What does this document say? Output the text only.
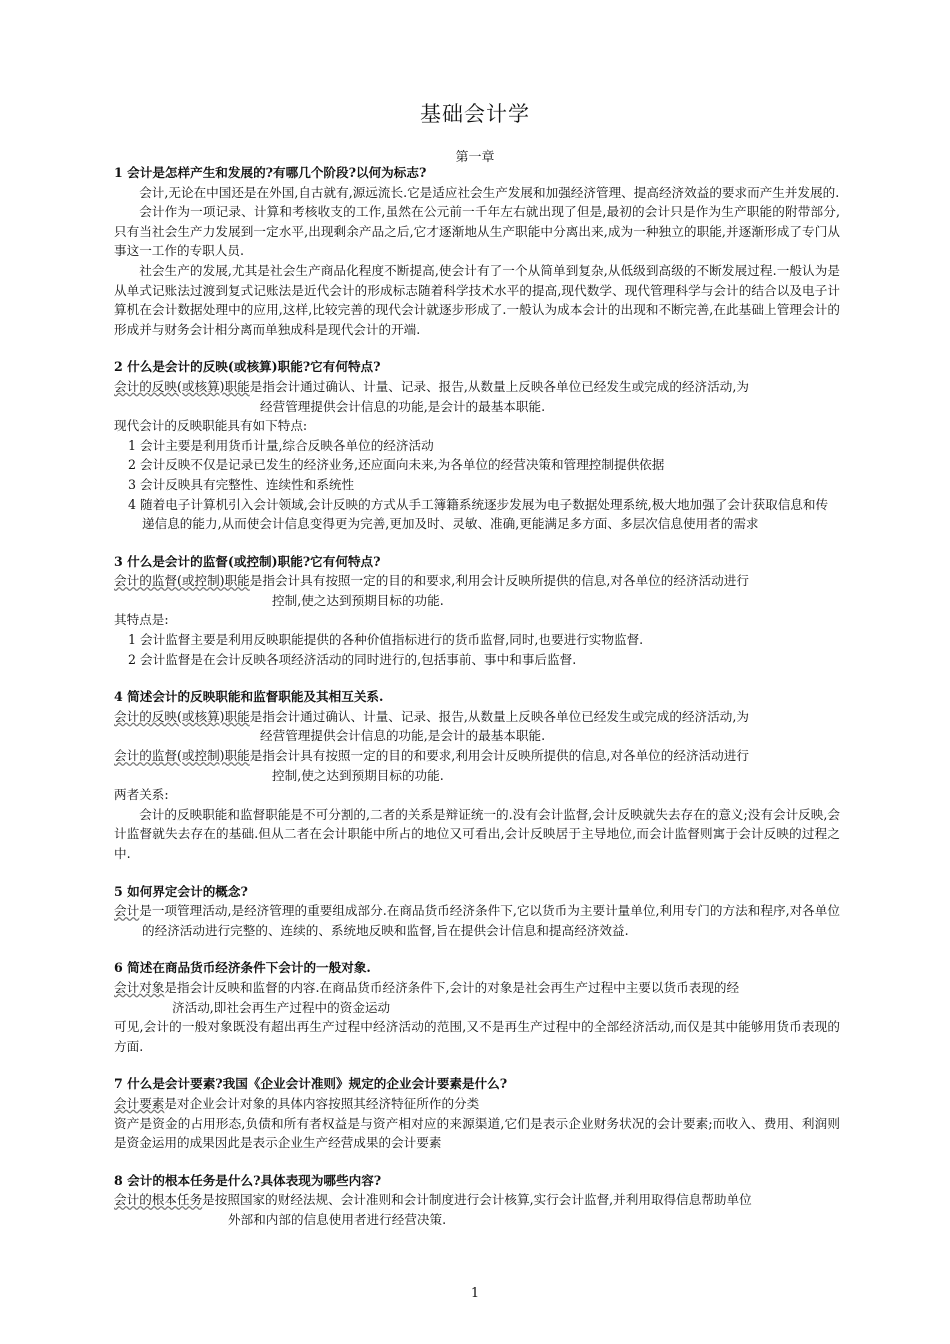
基础会计学
第一章
1 会计是怎样产生和发展的?有哪几个阶段?以何为标志?
会计,无论在中国还是在外国,自古就有,源远流长.它是适应社会生产发展和加强经济管理、提高经济效益的要求而产生并发展的.
会计作为一项记录、计算和考核收支的工作,虽然在公元前一千年左右就出现了但是,最初的会计只是作为生产职能的附带部分,只有当社会生产力发展到一定水平,出现剩余产品之后,它才逐渐地从生产职能中分离出来,成为一种独立的职能,并逐渐形成了专门从事这一工作的专职人员.
社会生产的发展,尤其是社会生产商品化程度不断提高,使会计有了一个从简单到复杂,从低级到高级的不断发展过程.一般认为是从单式记账法过渡到复式记账法是近代会计的形成标志随着科学技术水平的提高,现代数学、现代管理科学与会计的结合以及电子计算机在会计数据处理中的应用,这样,比较完善的现代会计就逐步形成了.一般认为成本会计的出现和不断完善,在此基础上管理会计的形成并与财务会计相分离而单独成科是现代会计的开端.
2 什么是会计的反映(或核算)职能?它有何特点?
会计的反映(或核算)职能是指会计通过确认、计量、记录、报告,从数量上反映各单位已经发生或完成的经济活动,为
经营管理提供会计信息的功能,是会计的最基本职能.
现代会计的反映职能具有如下特点:
1 会计主要是利用货币计量,综合反映各单位的经济活动
2 会计反映不仅是记录已发生的经济业务,还应面向未来,为各单位的经营决策和管理控制提供依据
3 会计反映具有完整性、连续性和系统性
4 随着电子计算机引入会计领域,会计反映的方式从手工簿籍系统逐步发展为电子数据处理系统,极大地加强了会计获取信息和传递信息的能力,从而使会计信息变得更为完善,更加及时、灵敏、准确,更能满足多方面、多层次信息使用者的需求
3 什么是会计的监督(或控制)职能?它有何特点?
会计的监督(或控制)职能是指会计具有按照一定的目的和要求,利用会计反映所提供的信息,对各单位的经济活动进行
控制,使之达到预期目标的功能.
其特点是:
1 会计监督主要是利用反映职能提供的各种价值指标进行的货币监督,同时,也要进行实物监督.
2 会计监督是在会计反映各项经济活动的同时进行的,包括事前、事中和事后监督.
4 简述会计的反映职能和监督职能及其相互关系.
会计的反映(或核算)职能是指会计通过确认、计量、记录、报告,从数量上反映各单位已经发生或完成的经济活动,为
经营管理提供会计信息的功能,是会计的最基本职能.
会计的监督(或控制)职能是指会计具有按照一定的目的和要求,利用会计反映所提供的信息,对各单位的经济活动进行
控制,使之达到预期目标的功能.
两者关系:
会计的反映职能和监督职能是不可分割的,二者的关系是辩证统一的.没有会计监督,会计反映就失去存在的意义;没有会计反映,会计监督就失去存在的基础.但从二者在会计职能中所占的地位又可看出,会计反映居于主导地位,而会计监督则寓于会计反映的过程之中.
5 如何界定会计的概念?
会计是一项管理活动,是经济管理的重要组成部分.在商品货币经济条件下,它以货币为主要计量单位,利用专门的方法和程序,对各单位的经济活动进行完整的、连续的、系统地反映和监督,旨在提供会计信息和提高经济效益.
6 简述在商品货币经济条件下会计的一般对象.
会计对象是指会计反映和监督的内容.在商品货币经济条件下,会计的对象是社会再生产过程中主要以货币表现的经
济活动,即社会再生产过程中的资金运动
可见,会计的一般对象既没有超出再生产过程中经济活动的范围,又不是再生产过程中的全部经济活动,而仅是其中能够用货币表现的方面.
7 什么是会计要素?我国《企业会计准则》规定的企业会计要素是什么?
会计要素是对企业会计对象的具体内容按照其经济特征所作的分类
资产是资金的占用形态,负债和所有者权益是与资产相对应的来源渠道,它们是表示企业财务状况的会计要素;而收入、费用、利润则是资金运用的成果因此是表示企业生产经营成果的会计要素
8 会计的根本任务是什么?具体表现为哪些内容?
会计的根本任务是按照国家的财经法规、会计准则和会计制度进行会计核算,实行会计监督,并利用取得信息帮助单位
外部和内部的信息使用者进行经营决策.
1
